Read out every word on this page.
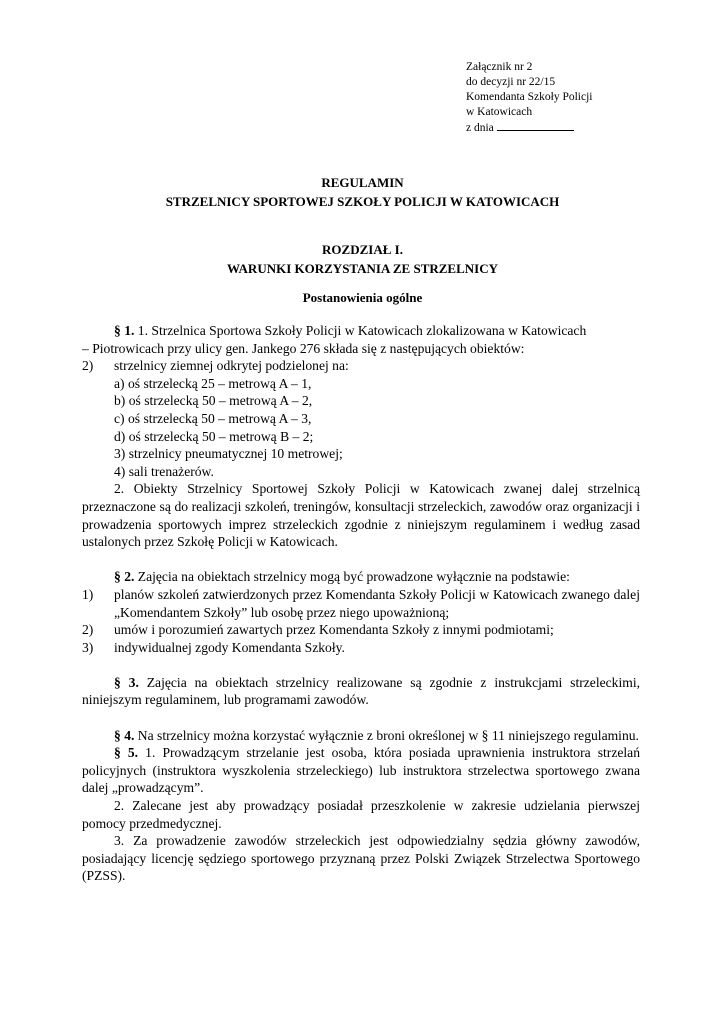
Załącznik nr 2
do decyzji nr 22/15
Komendanta Szkoły Policji
w Katowicach
z dnia
REGULAMIN
STRZELNICY SPORTOWEJ SZKOŁY POLICJI W KATOWICACH
ROZDZIAŁ I.
WARUNKI KORZYSTANIA ZE STRZELNICY
Postanowienia ogólne

§ 1. 1. Strzelnica Sportowa Szkoły Policji w Katowicach zlokalizowana w Katowicach

– Piotrowicach przy ulicy gen. Jankego 276 składa się z następujących obiektów:

2) strzelnicy ziemnej odkrytej podzielonej na:

a) oś strzelecką 25 – metrową A – 1,

b) oś strzelecką 50 – metrową A – 2,

c) oś strzelecką 50 – metrową A – 3,

d) oś strzelecką 50 – metrową B – 2;

3) strzelnicy pneumatycznej 10 metrowej;

4) sali trenażerów.

2. Obiekty Strzelnicy Sportowej Szkoły Policji w Katowicach zwanej dalej strzelnicą przeznaczone są do realizacji szkoleń, treningów, konsultacji strzeleckich, zawodów oraz organizacji i prowadzenia sportowych imprez strzeleckich zgodnie z niniejszym regulaminem i według zasad ustalonych przez Szkołę Policji w Katowicach.

§ 2. Zajęcia na obiektach strzelnicy mogą być prowadzone wyłącznie na podstawie:

1) planów szkoleń zatwierdzonych przez Komendanta Szkoły Policji w Katowicach zwanego dalej „Komendantem Szkoły” lub osobę przez niego upoważnioną;

2) umów i porozumień zawartych przez Komendanta Szkoły z innymi podmiotami;

3) indywidualnej zgody Komendanta Szkoły.

§ 3. Zajęcia na obiektach strzelnicy realizowane są zgodnie z instrukcjami strzeleckimi, niniejszym regulaminem, lub programami zawodów.

§ 4. Na strzelnicy można korzystać wyłącznie z broni określonej w § 11 niniejszego regulaminu.

§ 5. 1. Prowadzącym strzelanie jest osoba, która posiada uprawnienia instruktora strzelań policyjnych (instruktora wyszkolenia strzeleckiego) lub instruktora strzelectwa sportowego zwana dalej „prowadzącym”.

2. Zalecane jest aby prowadzący posiadał przeszkolenie w zakresie udzielania pierwszej pomocy przedmedycznej.

3. Za prowadzenie zawodów strzeleckich jest odpowiedzialny sędzia główny zawodów, posiadający licencję sędziego sportowego przyznaną przez Polski Związek Strzelectwa Sportowego (PZSS).
